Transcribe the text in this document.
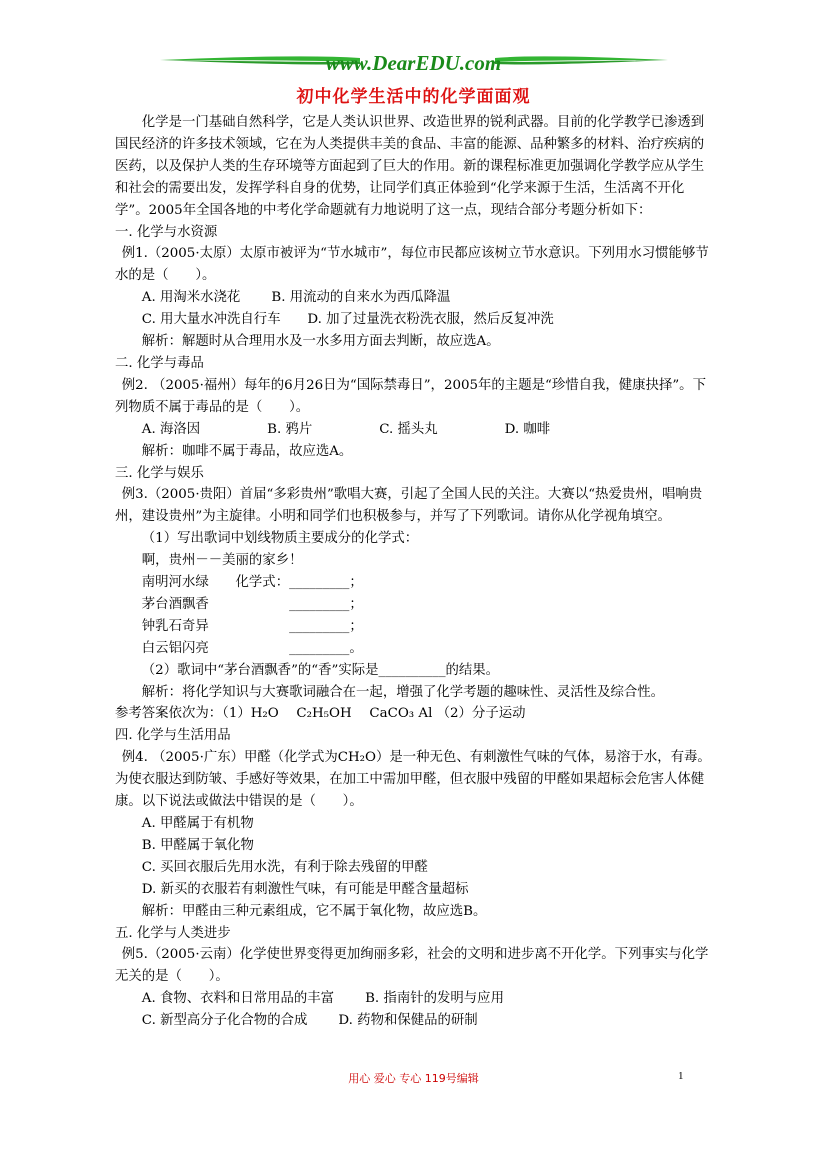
www.DearEDU.com
初中化学生活中的化学面面观

化学是一门基础自然科学，它是人类认识世界、改造世界的锐利武器。目前的化学教学已渗透到国民经济的许多技术领域，它在为人类提供丰美的食品、丰富的能源、品种繁多的材料、治疗疾病的医药，以及保护人类的生存环境等方面起到了巨大的作用。新的课程标准更加强调化学教学应从学生和社会的需要出发，发挥学科自身的优势，让同学们真正体验到“化学来源于生活，生活离不开化学”。2005年全国各地的中考化学命题就有力地说明了这一点，现结合部分考题分析如下：

一. 化学与水资源

例1.（2005·太原）太原市被评为“节水城市”，每位市民都应该树立节水意识。下列用水习惯能够节水的是（　　）。

A. 用淘米水浇花　　 B. 用流动的自来水为西瓜降温

C. 用大量水冲洗自行车　　D. 加了过量洗衣粉洗衣服，然后反复冲洗

解析：解题时从合理用水及一水多用方面去判断，故应选A。

二. 化学与毒品

例2. （2005·福州）每年的6月26日为“国际禁毒日”，2005年的主题是“珍惜自我，健康抉择”。下列物质不属于毒品的是（　　）。

A. 海洛因　　　　　B. 鸦片　　　　　C. 摇头丸　　　　　D. 咖啡

解析：咖啡不属于毒品，故应选A。

三. 化学与娱乐

例3.（2005·贵阳）首届“多彩贵州”歌唱大赛，引起了全国人民的关注。大赛以“热爱贵州，唱响贵州，建设贵州”为主旋律。小明和同学们也积极参与，并写了下列歌词。请你从化学视角填空。

（1）写出歌词中划线物质主要成分的化学式：

啊，贵州－－美丽的家乡！

南明河水绿　　化学式：_________；

茅台酒飘香　　　　　　_________；

钟乳石奇异　　　　　　_________；

白云铝闪亮　　　　　　_________。

（2）歌词中“茅台酒飘香”的“香”实际是__________的结果。

解析：将化学知识与大赛歌词融合在一起，增强了化学考题的趣味性、灵活性及综合性。

参考答案依次为：（1）H₂O　 C₂H₅OH　 CaCO₃ Al （2）分子运动

四. 化学与生活用品

例4. （2005·广东）甲醛（化学式为CH₂O）是一种无色、有刺激性气味的气体，易溶于水，有毒。为使衣服达到防皱、手感好等效果，在加工中需加甲醛，但衣服中残留的甲醛如果超标会危害人体健康。以下说法或做法中错误的是（　　）。

A. 甲醛属于有机物

B. 甲醛属于氧化物

C. 买回衣服后先用水洗，有利于除去残留的甲醛

D. 新买的衣服若有刺激性气味，有可能是甲醛含量超标

解析：甲醛由三种元素组成，它不属于氧化物，故应选B。

五. 化学与人类进步

例5.（2005·云南）化学使世界变得更加绚丽多彩，社会的文明和进步离不开化学。下列事实与化学无关的是（　　）。

A. 食物、衣料和日常用品的丰富　　 B. 指南针的发明与应用

C. 新型高分子化合物的合成　　 D. 药物和保健品的研制

用心 爱心 专心 119号编辑	1
